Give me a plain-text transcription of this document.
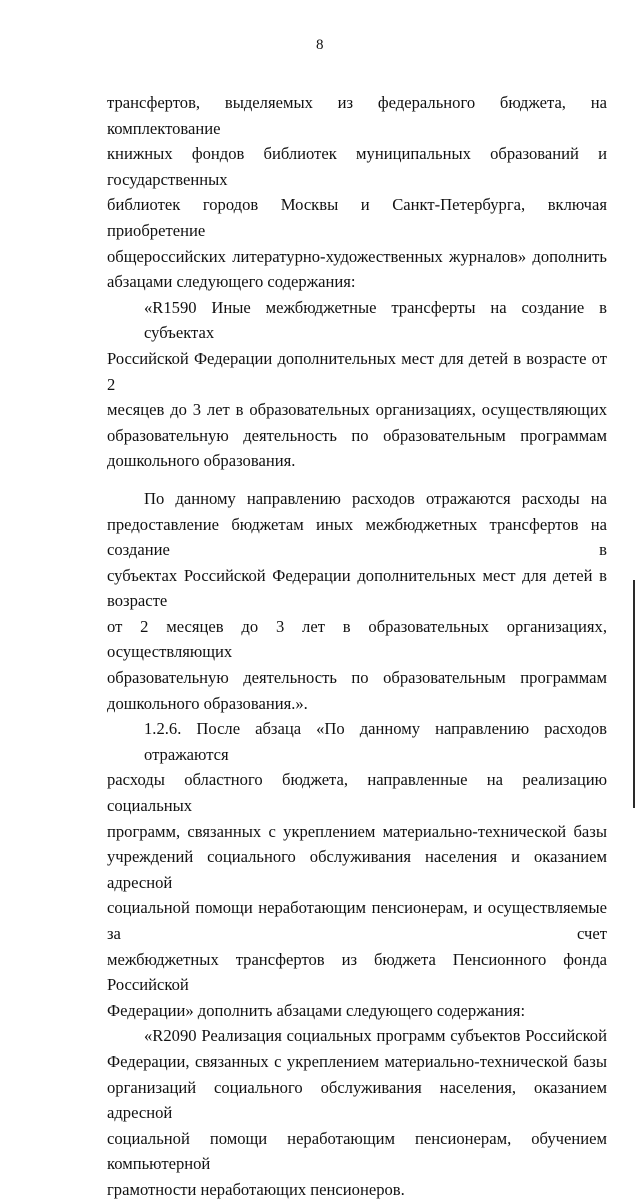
8
трансфертов, выделяемых из федерального бюджета, на комплектование
книжных фондов библиотек муниципальных образований и государственных
библиотек городов Москвы и Санкт-Петербурга, включая приобретение
общероссийских литературно-художественных журналов» дополнить
абзацами следующего содержания:
«R1590 Иные межбюджетные трансферты на создание в субъектах
Российской Федерации дополнительных мест для детей в возрасте от 2
месяцев до 3 лет в образовательных организациях, осуществляющих
образовательную деятельность по образовательным программам
дошкольного образования.
По данному направлению расходов отражаются расходы на
предоставление бюджетам иных межбюджетных трансфертов на создание в
субъектах Российской Федерации дополнительных мест для детей в возрасте
от 2 месяцев до 3 лет в образовательных организациях, осуществляющих
образовательную деятельность по образовательным программам
дошкольного образования.».
1.2.6. После абзаца «По данному направлению расходов отражаются
расходы областного бюджета, направленные на реализацию социальных
программ, связанных с укреплением материально-технической базы
учреждений социального обслуживания населения и оказанием адресной
социальной помощи неработающим пенсионерам, и осуществляемые за счет
межбюджетных трансфертов из бюджета Пенсионного фонда Российской
Федерации» дополнить абзацами следующего содержания:
«R2090 Реализация социальных программ субъектов Российской
Федерации, связанных с укреплением материально-технической базы
организаций социального обслуживания населения, оказанием адресной
социальной помощи неработающим пенсионерам, обучением компьютерной
грамотности неработающих пенсионеров.
